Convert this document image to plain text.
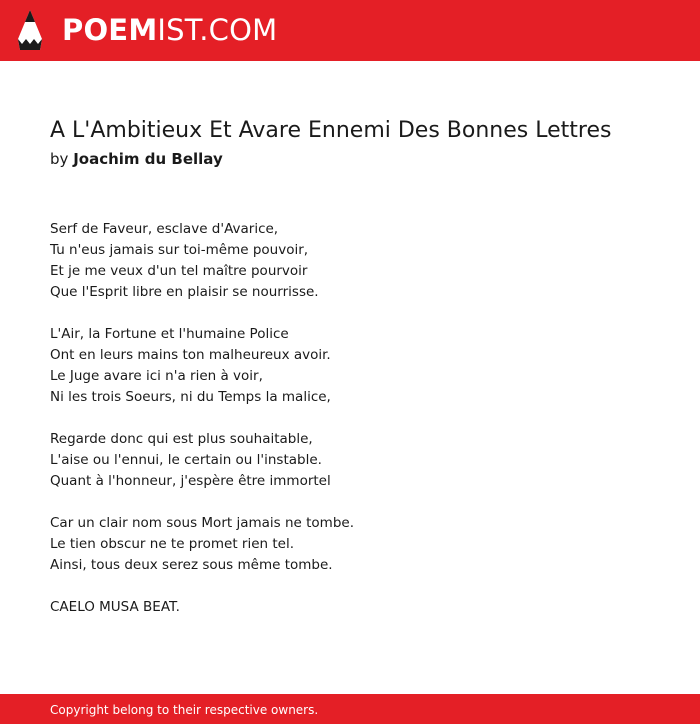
POEMIST.COM
A L'Ambitieux Et Avare Ennemi Des Bonnes Lettres
by Joachim du Bellay
Serf de Faveur, esclave d'Avarice,
Tu n'eus jamais sur toi-même pouvoir,
Et je me veux d'un tel maître pourvoir
Que l'Esprit libre en plaisir se nourrisse.
L'Air, la Fortune et l'humaine Police
Ont en leurs mains ton malheureux avoir.
Le Juge avare ici n'a rien à voir,
Ni les trois Soeurs, ni du Temps la malice,
Regarde donc qui est plus souhaitable,
L'aise ou l'ennui, le certain ou l'instable.
Quant à l'honneur, j'espère être immortel
Car un clair nom sous Mort jamais ne tombe.
Le tien obscur ne te promet rien tel.
Ainsi, tous deux serez sous même tombe.
CAELO MUSA BEAT.
Copyright belong to their respective owners.
